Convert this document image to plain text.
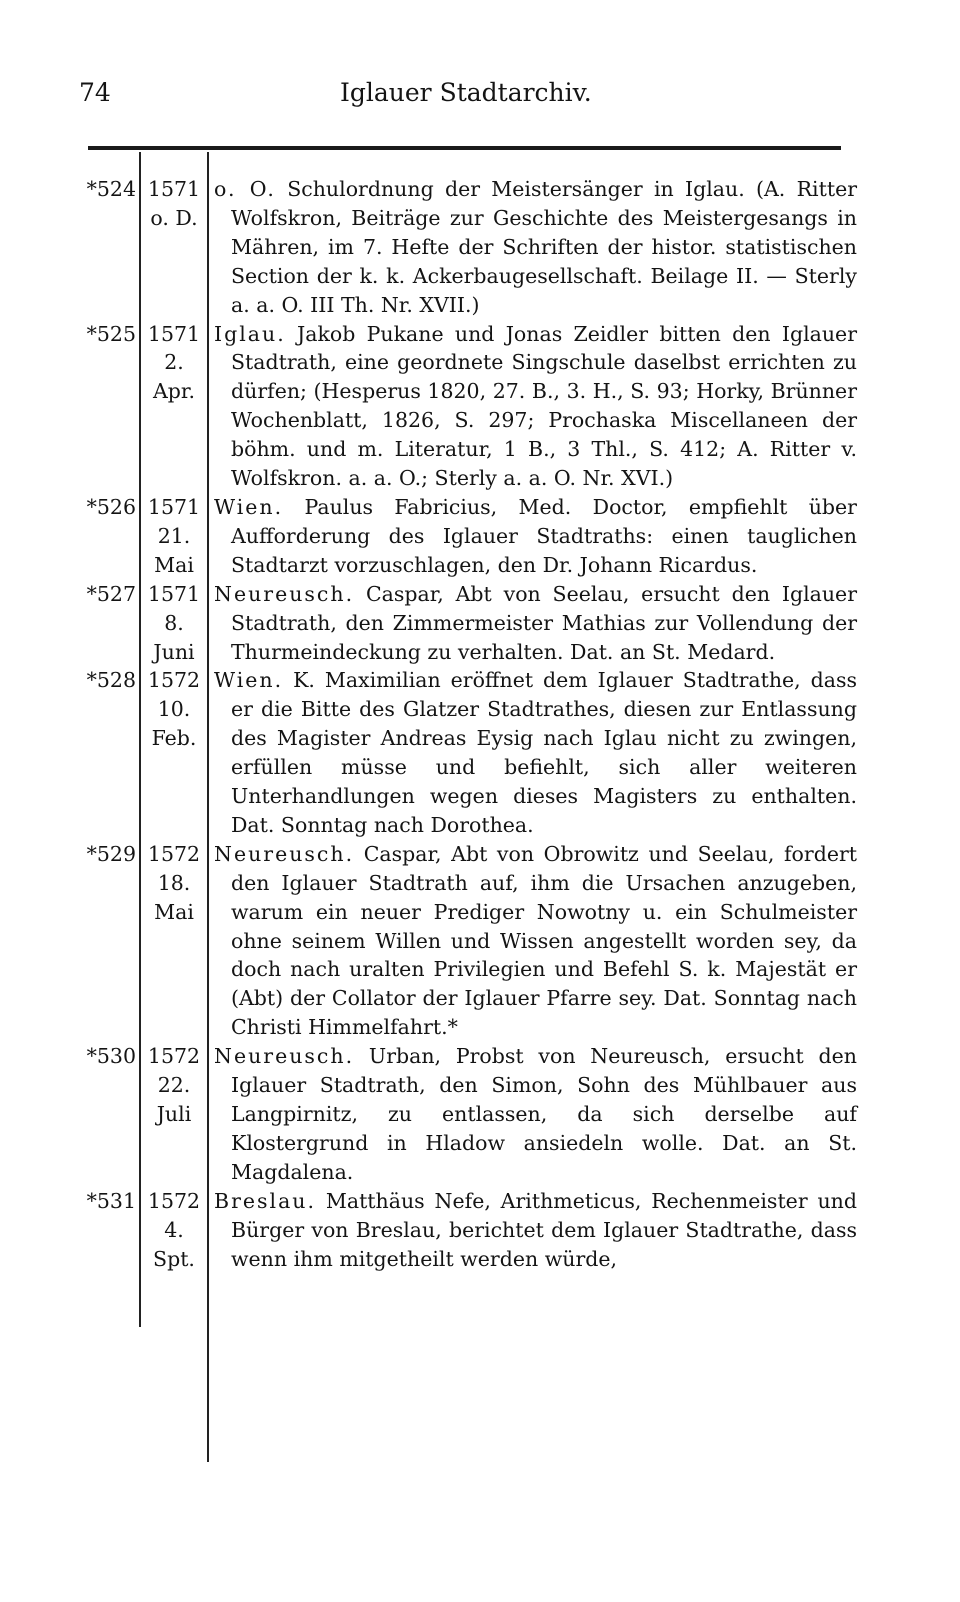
74	Iglauer Stadtarchiv.
*524 1571
o. D.
o. O. Schulordnung der Meistersänger in Iglau. (A. Ritter Wolfskron, Beiträge zur Geschichte des Meistergesangs in Mähren, im 7. Hefte der Schriften der histor. statistischen Section der k. k. Ackerbaugesellschaft. Beilage II. — Sterly a. a. O. III Th. Nr. XVII.)
*525 1571
2.
Apr.
Iglau. Jakob Pukane und Jonas Zeidler bitten den Iglauer Stadtrath, eine geordnete Singschule daselbst errichten zu dürfen; (Hesperus 1820, 27. B., 3. H., S. 93; Horky, Brünner Wochenblatt, 1826, S. 297; Prochaska Miscellaneen der böhm. und m. Literatur, 1 B., 3 Thl., S. 412; A. Ritter v. Wolfskron. a. a. O.; Sterly a. a. O. Nr. XVI.)
*526 1571
21.
Mai
Wien. Paulus Fabricius, Med. Doctor, empfiehlt über Aufforderung des Iglauer Stadtraths: einen tauglichen Stadtarzt vorzuschlagen, den Dr. Johann Ricardus.
*527 1571
8.
Juni
Neureusch. Caspar, Abt von Seelau, ersucht den Iglauer Stadtrath, den Zimmermeister Mathias zur Vollendung der Thurmeindeckung zu verhalten. Dat. an St. Medard.
*528 1572
10.
Feb.
Wien. K. Maximilian eröffnet dem Iglauer Stadtrathe, dass er die Bitte des Glatzer Stadtrathes, diesen zur Entlassung des Magister Andreas Eysig nach Iglau nicht zu zwingen, erfüllen müsse und befiehlt, sich aller weiteren Unterhandlungen wegen dieses Magisters zu enthalten. Dat. Sonntag nach Dorothea.
*529 1572
18.
Mai
Neureusch. Caspar, Abt von Obrowitz und Seelau, fordert den Iglauer Stadtrath auf, ihm die Ursachen anzugeben, warum ein neuer Prediger Nowotny u. ein Schulmeister ohne seinem Willen und Wissen angestellt worden sey, da doch nach uralten Privilegien und Befehl S. k. Majestät er (Abt) der Collator der Iglauer Pfarre sey. Dat. Sonntag nach Christi Himmelfahrt.*
*530 1572
22.
Juli
Neureusch. Urban, Probst von Neureusch, ersucht den Iglauer Stadtrath, den Simon, Sohn des Mühlbauer aus Langpirnitz, zu entlassen, da sich derselbe auf Klostergrund in Hladow ansiedeln wolle. Dat. an St. Magdalena.
*531 1572
4.
Spt.
Breslau. Matthäus Nefe, Arithmeticus, Rechenmeister und Bürger von Breslau, berichtet dem Iglauer Stadtrathe, dass wenn ihm mitgetheilt werden würde,
